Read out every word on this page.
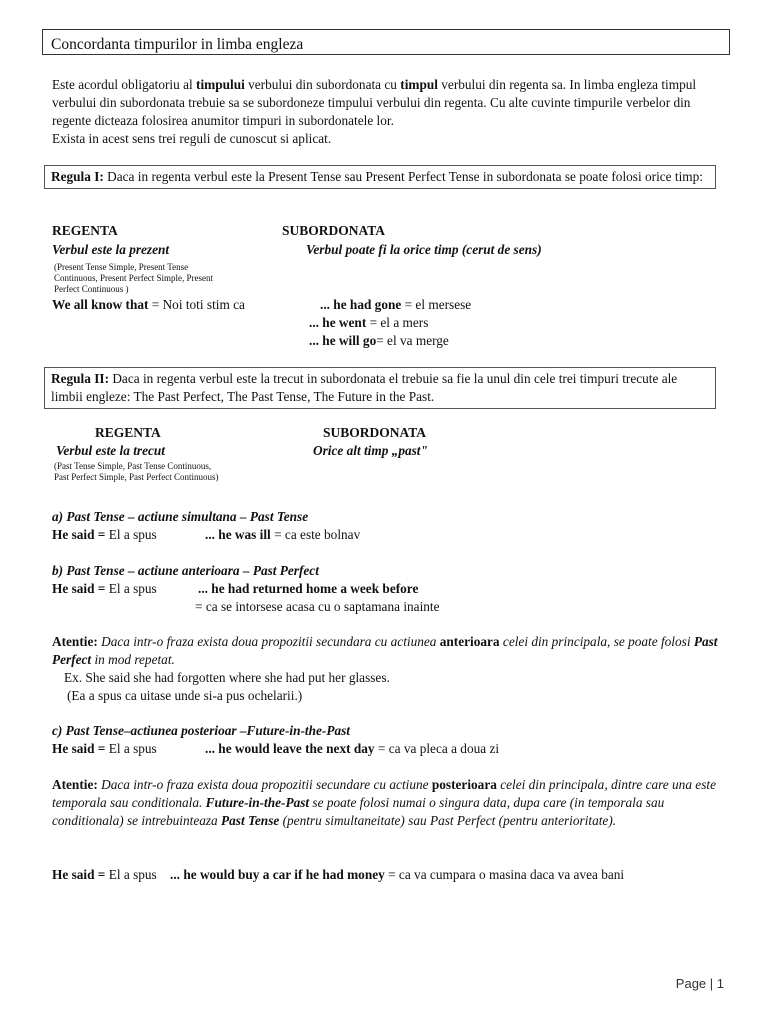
Concordanta timpurilor in limba engleza
Este acordul obligatoriu al timpului verbului din subordonata cu timpul verbului din regenta sa. In limba engleza timpul verbului din subordonata trebuie sa se subordoneze timpului verbului din regenta. Cu alte cuvinte timpurile verbelor din regente dicteaza folosirea anumitor timpuri in subordonatele lor.
Exista in acest sens trei reguli de cunoscut si aplicat.
Regula I: Daca in regenta verbul este la Present Tense sau Present Perfect Tense in subordonata se poate folosi orice timp:
REGENTA	SUBORDONATA
Verbul este la prezent	Verbul poate fi la orice timp (cerut de sens)
(Present Tense Simple, Present Tense Continuous, Present Perfect Simple, Present Perfect Continuous )
We all know that = Noi toti stim ca	... he had gone = el mersese
... he went = el a mers
... he will go= el va merge
Regula II: Daca in regenta verbul este la trecut in subordonata el trebuie sa fie la unul din cele trei timpuri trecute ale limbii engleze: The Past Perfect, The Past Tense, The Future in the Past.
REGENTA	SUBORDONATA
Verbul este la trecut	Orice alt timp „past"
(Past Tense Simple, Past Tense Continuous, Past Perfect Simple, Past Perfect Continuous)
a) Past Tense – actiune simultana – Past Tense
He said = El a spus	... he was ill = ca este bolnav
b) Past Tense – actiune anterioara – Past Perfect
He said = El a spus	... he had returned home a week before
= ca se intorsese acasa cu o saptamana inainte
Atentie: Daca intr-o fraza exista doua propozitii secundara cu actiunea anterioara celei din principala, se poate folosi Past Perfect in mod repetat.
Ex. She said she had forgotten where she had put her glasses.
(Ea a spus ca uitase unde si-a pus ochelarii.)
c) Past Tense–actiunea posterioar –Future-in-the-Past
He said = El a spus	... he would leave the next day = ca va pleca a doua zi
Atentie: Daca intr-o fraza exista doua propozitii secundare cu actiune posterioara celei din principala, dintre care una este temporala sau conditionala. Future-in-the-Past se poate folosi numai o singura data, dupa care (in temporala sau conditionala) se intrebuinteaza Past Tense (pentru simultaneitate) sau Past Perfect (pentru anterioritate).
He said = El a spus ... he would buy a car if he had money = ca va cumpara o masina daca va avea bani
Page | 1
